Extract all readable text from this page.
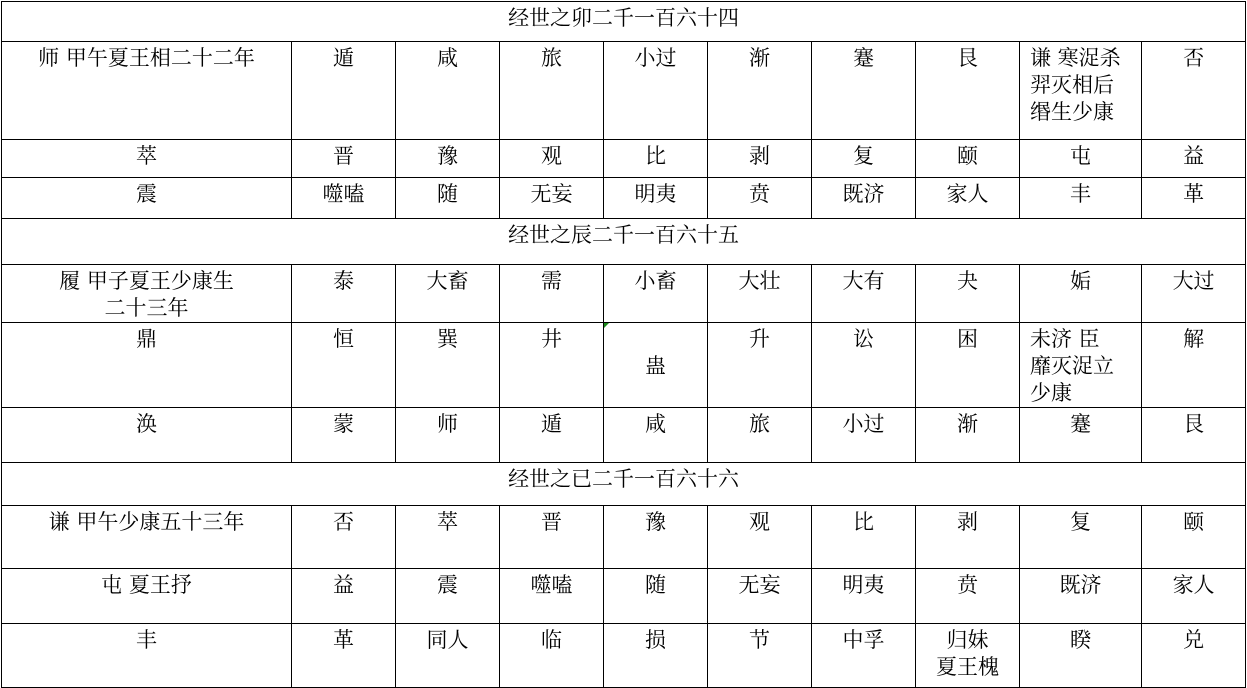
经世之卯二千一百六十四									

师 甲午夏王相二十二年	遁	咸	旅	小过	渐	蹇	艮	谦 寒浞杀
羿灭相后
缗生少康	否

萃	晋	豫	观	比	剥	复	颐	屯	益

震	噬嗑	随	无妄	明夷	贲	既济	家人	丰	革

经世之辰二千一百六十五									

履 甲子夏王少康生
二十三年	泰	大畜	需	小畜	大壮	大有	夬	姤	大过

鼎	恒	巽	井	蛊	升	讼	困	未济 臣
靡灭浞立
少康	解

涣	蒙	师	遁	咸	旅	小过	渐	蹇	艮

经世之已二千一百六十六									

谦 甲午少康五十三年	否	萃	晋	豫	观	比	剥	复	颐

屯 夏王抒	益	震	噬嗑	随	无妄	明夷	贲	既济	家人

丰	革	同人	临	损	节	中孚	归妹
夏王槐	睽	兑
